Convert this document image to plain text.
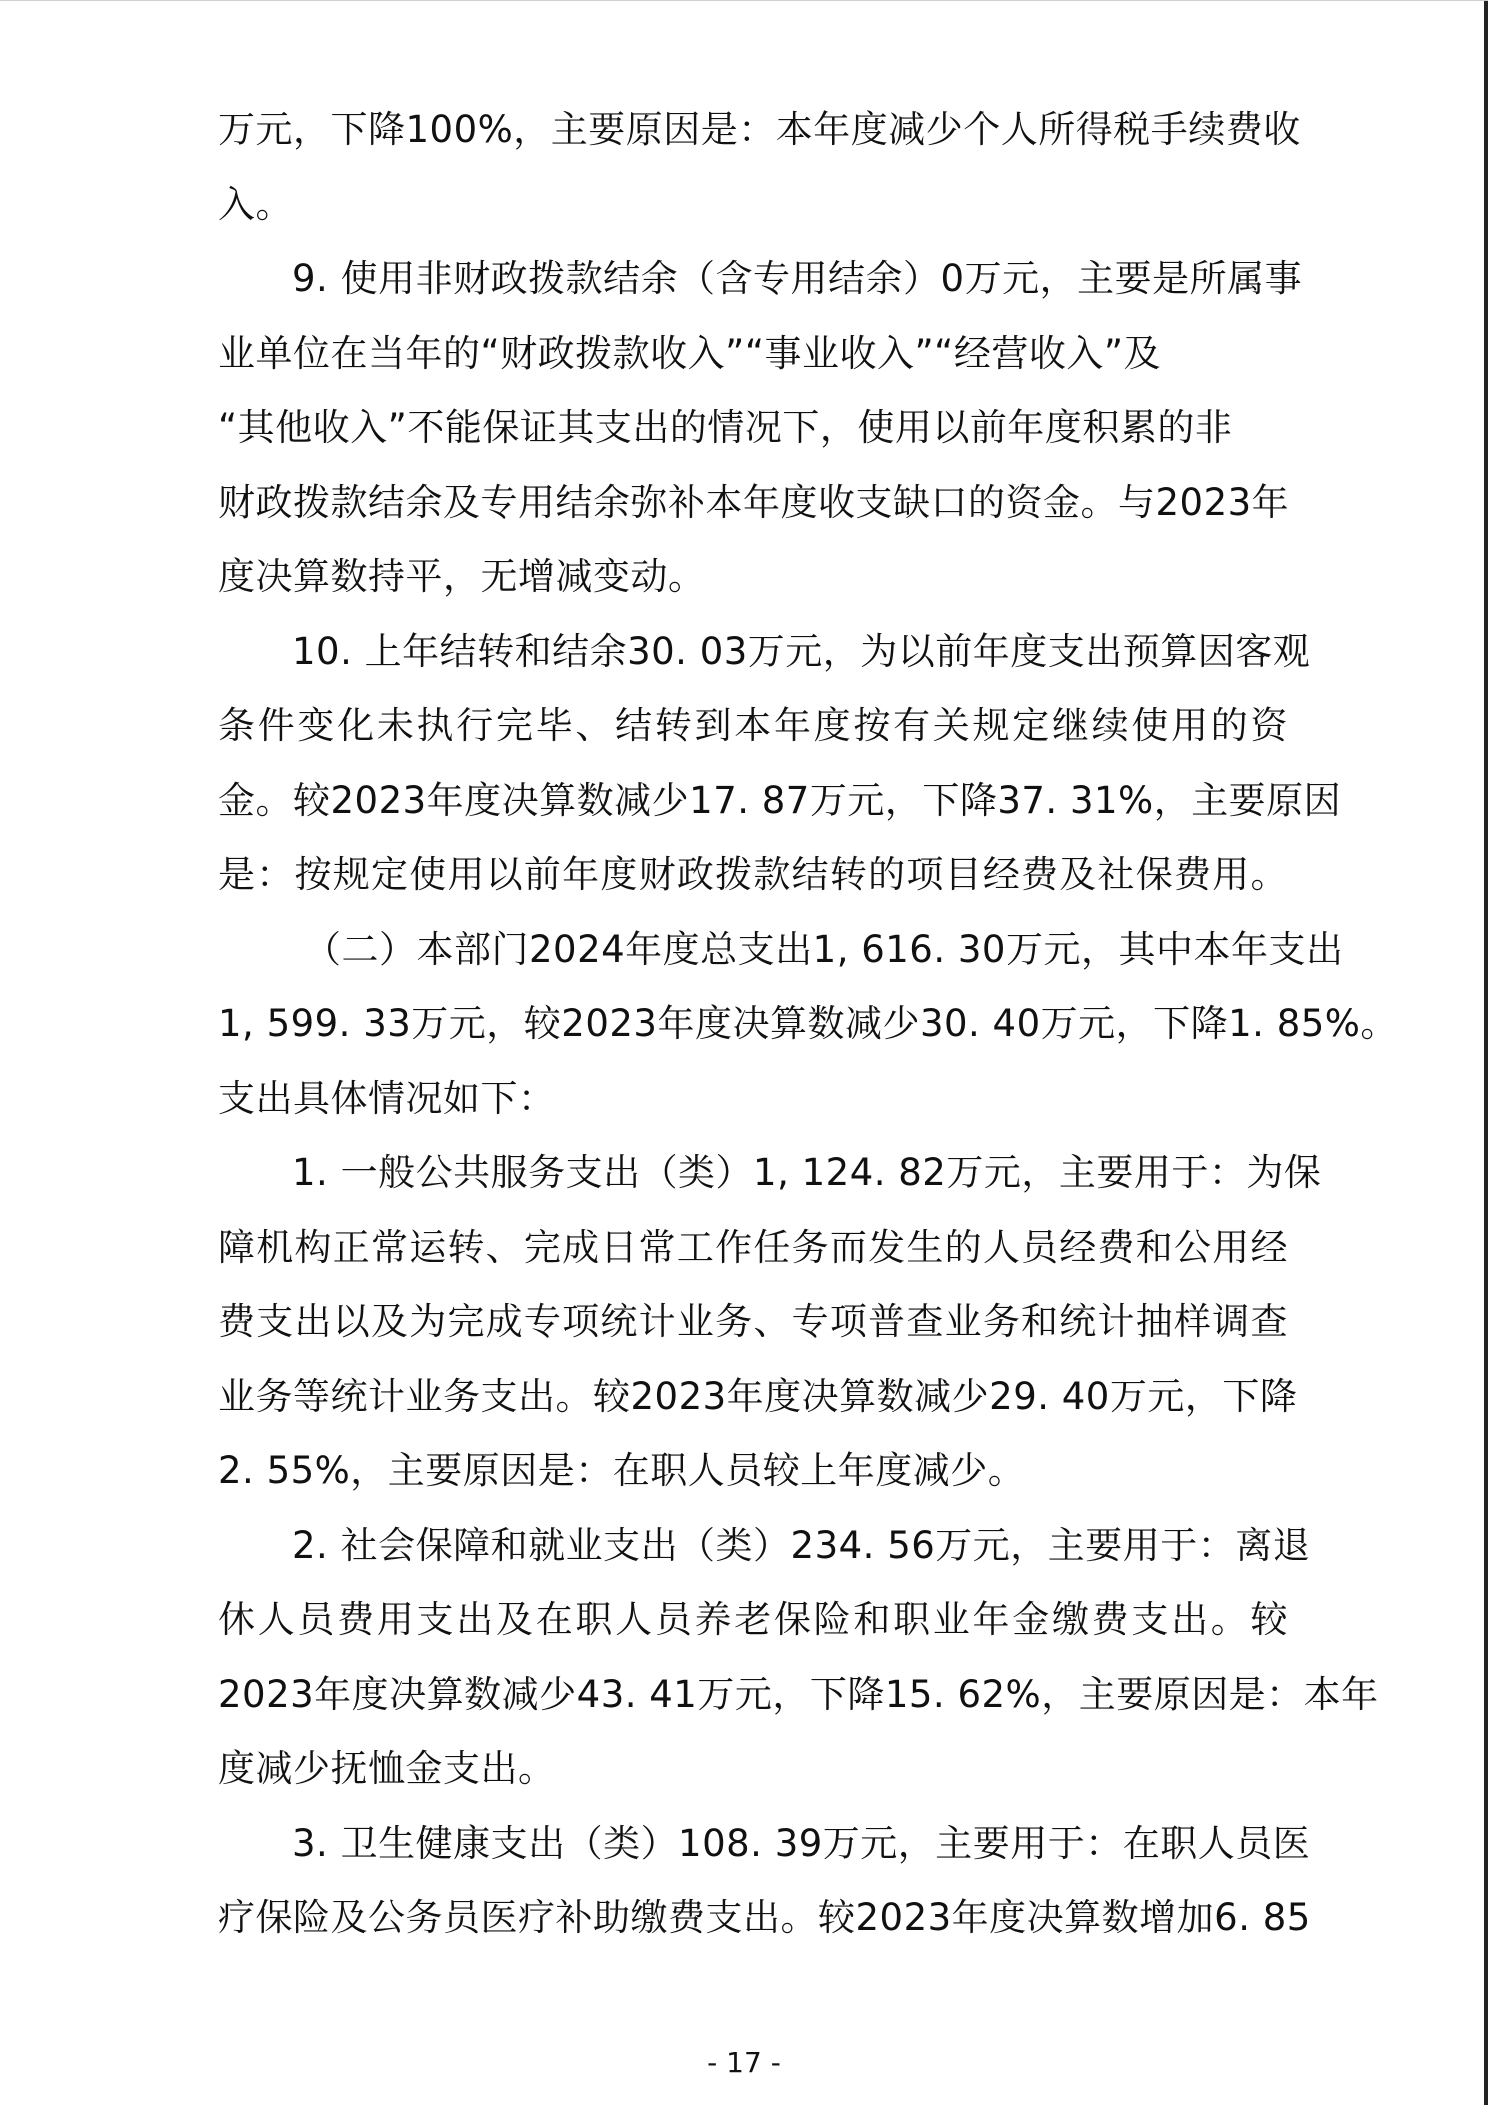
万元，下降100%，主要原因是：本年度减少个人所得税手续费收
入。
9. 使用非财政拨款结余（含专用结余）0万元，主要是所属事
业单位在当年的“财政拨款收入”“事业收入”“经营收入”及
“其他收入”不能保证其支出的情况下，使用以前年度积累的非
财政拨款结余及专用结余弥补本年度收支缺口的资金。与2023年
度决算数持平，无增减变动。
10. 上年结转和结余30. 03万元，为以前年度支出预算因客观
条件变化未执行完毕、结转到本年度按有关规定继续使用的资
金。较2023年度决算数减少17. 87万元，下降37. 31%，主要原因
是：按规定使用以前年度财政拨款结转的项目经费及社保费用。
（二）本部门2024年度总支出1, 616. 30万元，其中本年支出
1, 599. 33万元，较2023年度决算数减少30. 40万元，下降1. 85%。
支出具体情况如下：
1. 一般公共服务支出（类）1, 124. 82万元，主要用于：为保
障机构正常运转、完成日常工作任务而发生的人员经费和公用经
费支出以及为完成专项统计业务、专项普查业务和统计抽样调查
业务等统计业务支出。较2023年度决算数减少29. 40万元，下降
2. 55%，主要原因是：在职人员较上年度减少。
2. 社会保障和就业支出（类）234. 56万元，主要用于：离退
休人员费用支出及在职人员养老保险和职业年金缴费支出。较
2023年度决算数减少43. 41万元，下降15. 62%，主要原因是：本年
度减少抚恤金支出。
3. 卫生健康支出（类）108. 39万元，主要用于：在职人员医
疗保险及公务员医疗补助缴费支出。较2023年度决算数增加6. 85
- 17 -
